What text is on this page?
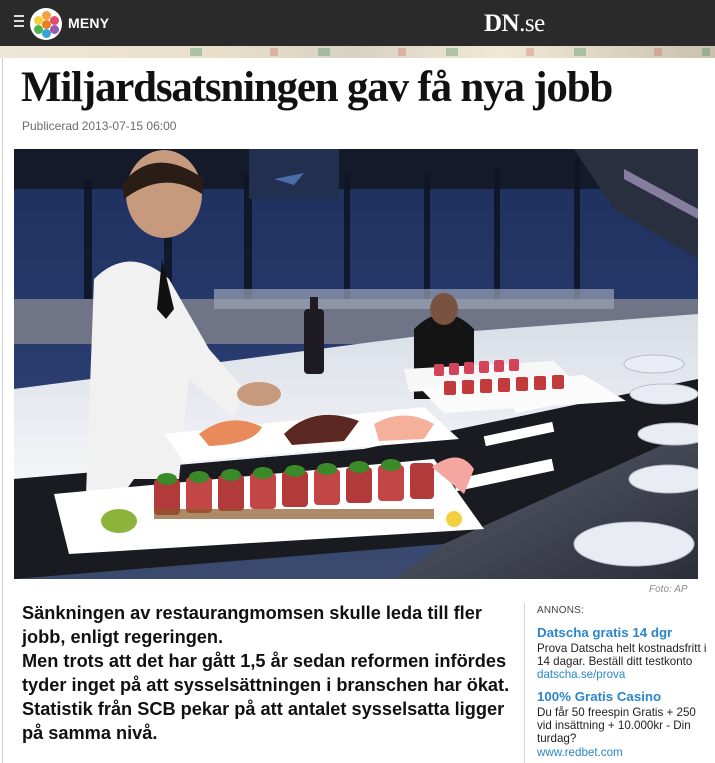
MENY	DN.se
Miljardsatsningen gav få nya jobb
Publicerad 2013-07-15 06:00
Foto: AP

Sänkningen av restaurangmomsen skulle leda till fler jobb, enligt regeringen.

Men trots att det har gått 1,5 år sedan reformen infördes tyder inget på att sysselsättningen i branschen har ökat. Statistik från SCB pekar på att antalet sysselsatta ligger på samma nivå.

ANNONS:
Datscha gratis 14 dgr
Prova Datscha helt kostnadsfritt i 14 dagar. Beställ ditt testkonto
datscha.se/prova
100% Gratis Casino
Du får 50 freespin Gratis + 250 vid insättning + 10.000kr - Din turdag?
www.redbet.com
